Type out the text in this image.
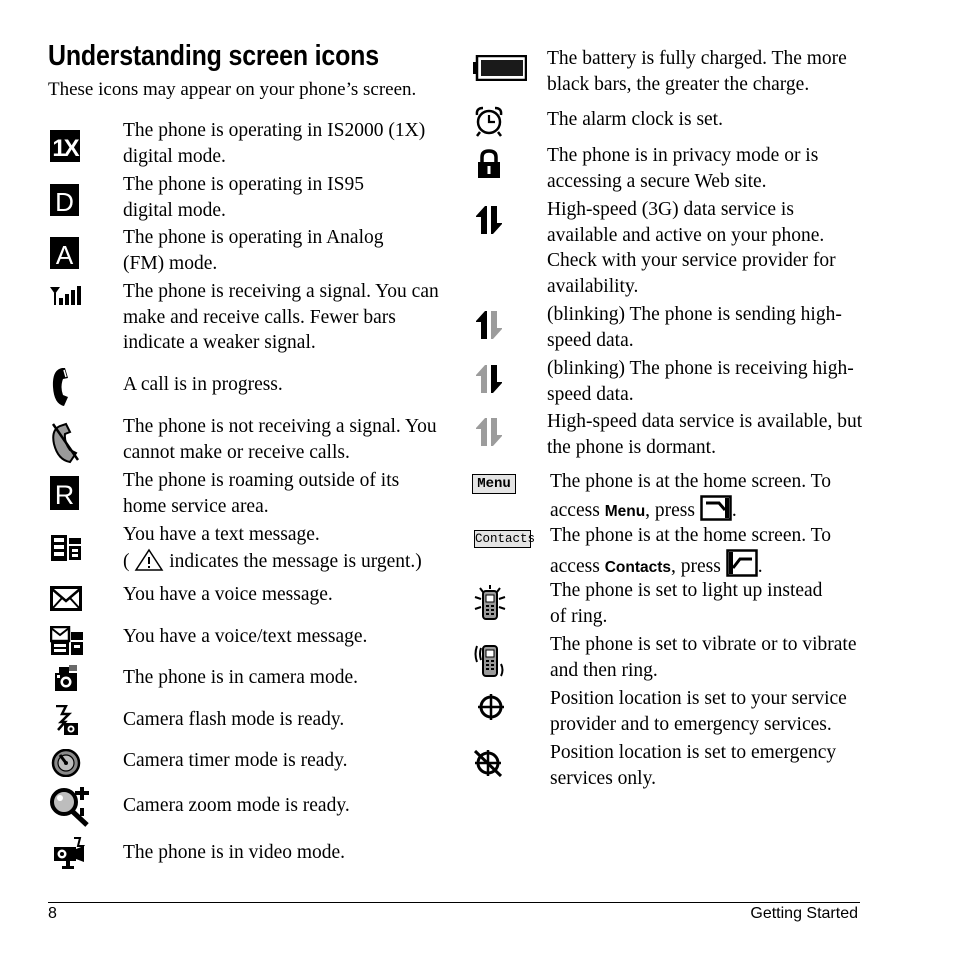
Understanding screen icons
These icons may appear on your phone’s screen.
1X
The phone is operating in IS2000 (1X)
digital mode.
D
The phone is operating in IS95
digital mode.
A
The phone is operating in Analog
(FM) mode.
The phone is receiving a signal. You can
make and receive calls. Fewer bars
indicate a weaker signal.
A call is in progress.
The phone is not receiving a signal. You
cannot make or receive calls.
R	The phone is roaming outside of its
home service area.
You have a text message.
( indicates the message is urgent.)
You have a voice message.
You have a voice/text message.
The phone is in camera mode.
Camera flash mode is ready.
Camera timer mode is ready.
Camera zoom mode is ready.
The phone is in video mode.
The battery is fully charged. The more
black bars, the greater the charge.
The alarm clock is set.
The phone is in privacy mode or is
accessing a secure Web site.
High-speed (3G) data service is
available and active on your phone.
Check with your service provider for
availability.
(blinking) The phone is sending high-
speed data.
(blinking) The phone is receiving high-
speed data.
High-speed data service is available, but
the phone is dormant.
Menu The phone is at the home screen. To
access Menu, press .
Contacts The phone is at the home screen. To
access Contacts, press .
The phone is set to light up instead
of ring.
The phone is set to vibrate or to vibrate
and then ring.
Position location is set to your service
provider and to emergency services.
Position location is set to emergency
services only.
8	Getting Started
